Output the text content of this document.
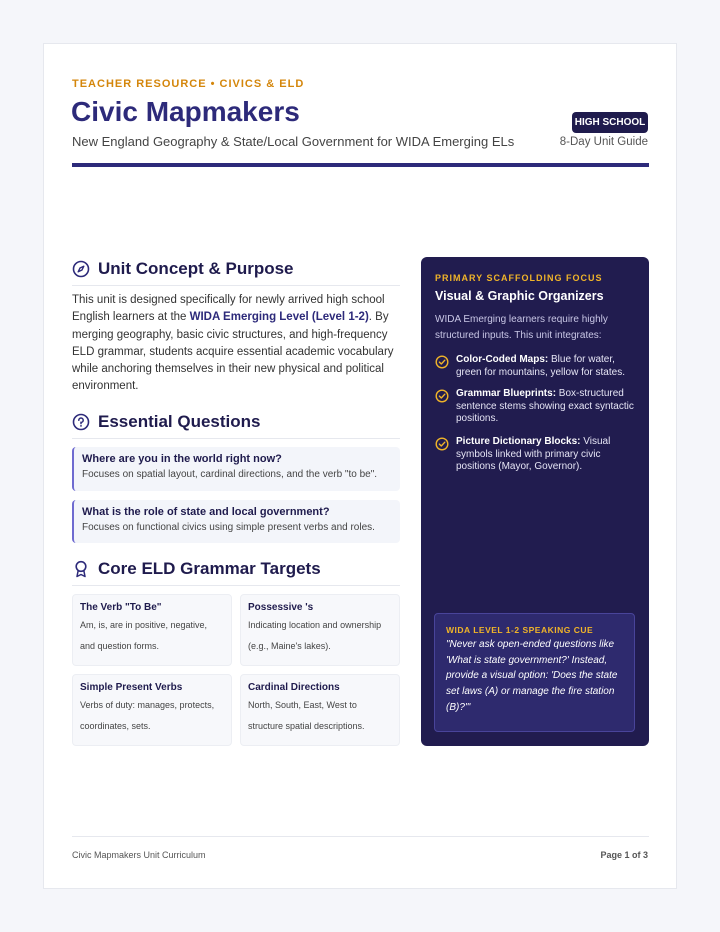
TEACHER RESOURCE • CIVICS & ELD
Civic Mapmakers
New England Geography & State/Local Government for WIDA Emerging ELs
HIGH SCHOOL
8-Day Unit Guide
Unit Concept & Purpose
This unit is designed specifically for newly arrived high school English learners at the WIDA Emerging Level (Level 1-2). By merging geography, basic civic structures, and high-frequency ELD grammar, students acquire essential academic vocabulary while anchoring themselves in their new physical and political environment.
Essential Questions
Where are you in the world right now?
Focuses on spatial layout, cardinal directions, and the verb "to be".
What is the role of state and local government?
Focuses on functional civics using simple present verbs and roles.
Core ELD Grammar Targets
The Verb "To Be"
Am, is, are in positive, negative,
and question forms.
Possessive 's
Indicating location and ownership
(e.g., Maine's lakes).
Simple Present Verbs
Verbs of duty: manages, protects,
coordinates, sets.
Cardinal Directions
North, South, East, West to
structure spatial descriptions.
PRIMARY SCAFFOLDING FOCUS
Visual & Graphic Organizers
WIDA Emerging learners require highly structured inputs. This unit integrates:
Color-Coded Maps: Blue for water, green for mountains, yellow for states.
Grammar Blueprints: Box-structured sentence stems showing exact syntactic positions.
Picture Dictionary Blocks: Visual symbols linked with primary civic positions (Mayor, Governor).
WIDA LEVEL 1-2 SPEAKING CUE
"Never ask open-ended questions like 'What is state government?' Instead, provide a visual option: 'Does the state set laws (A) or manage the fire station (B)?'"
Civic Mapmakers Unit Curriculum	Page 1 of 3
